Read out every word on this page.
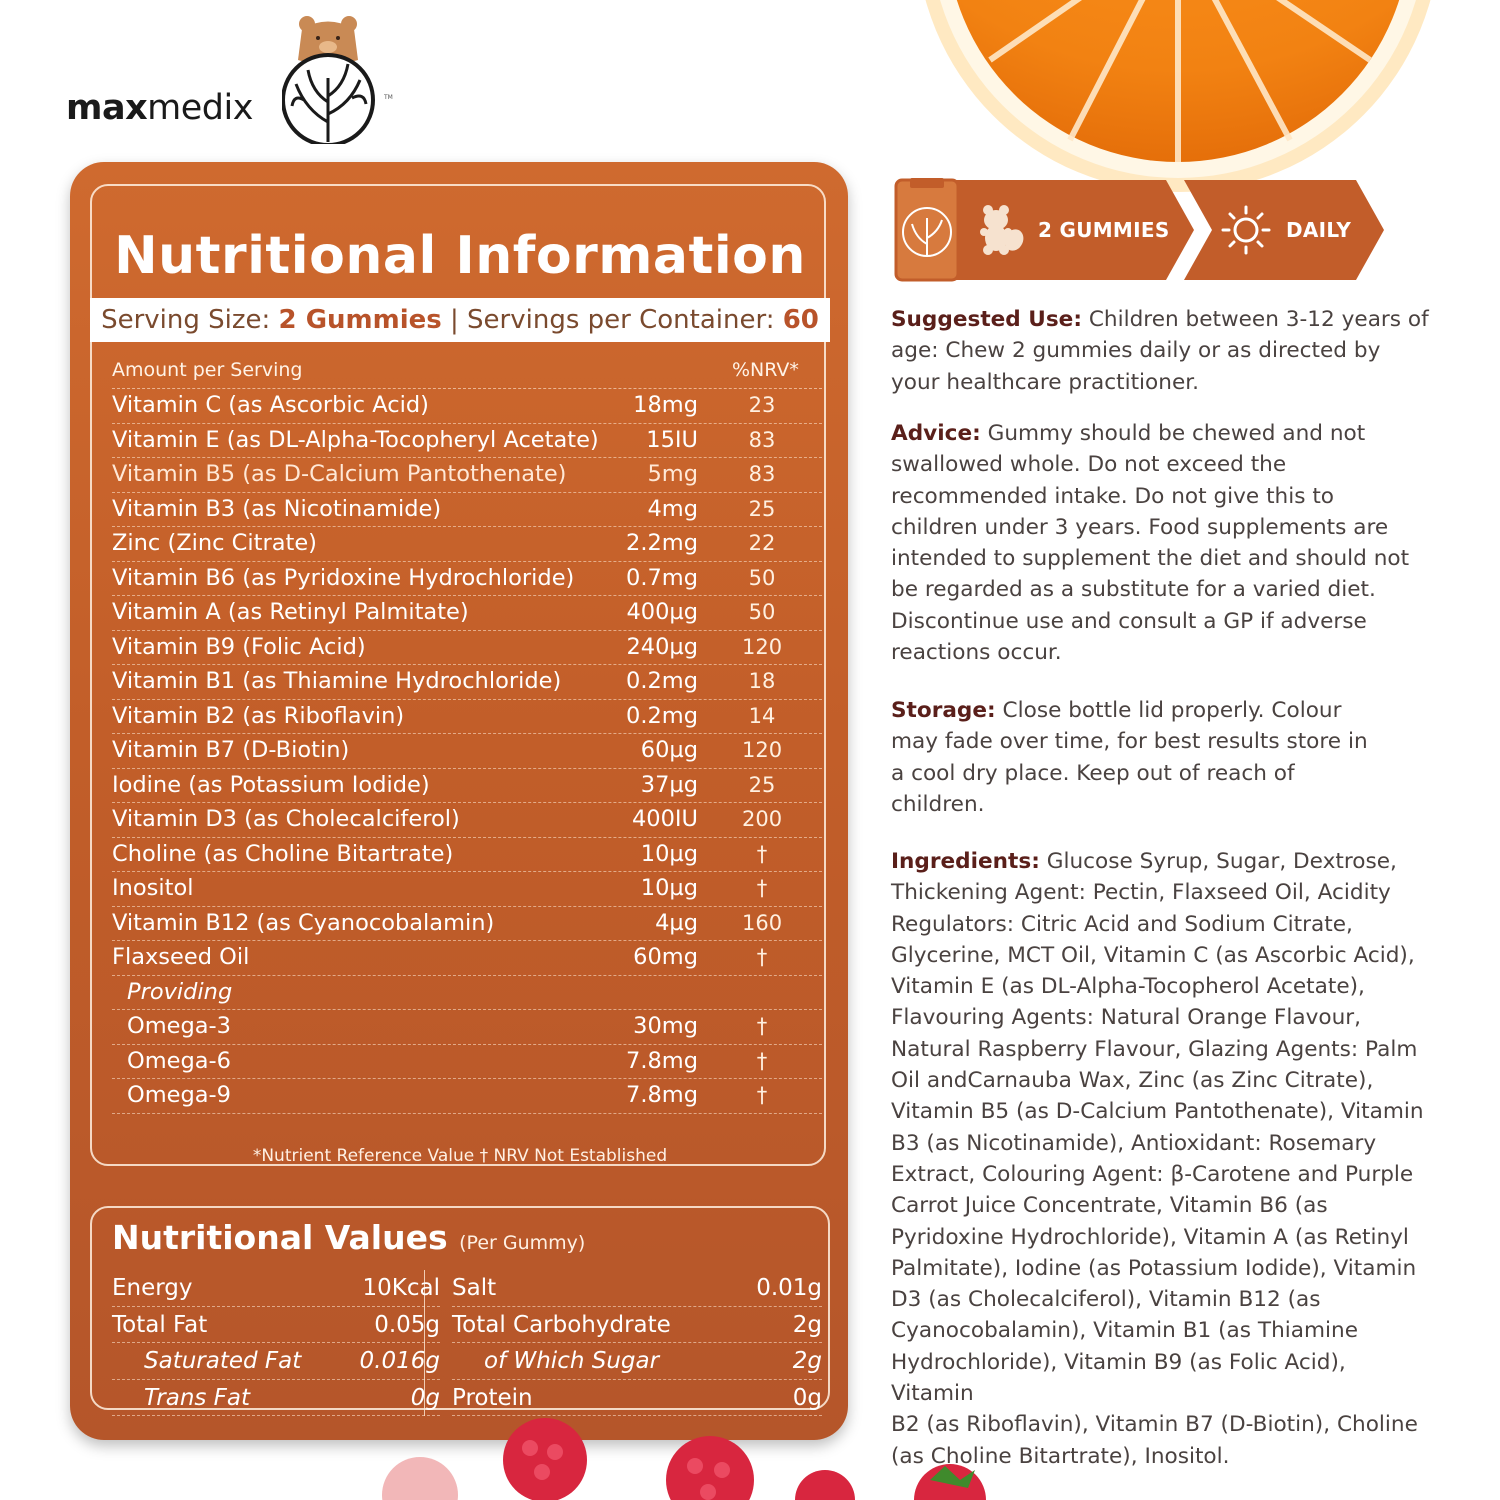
maxmedix	TM
Nutritional Information
Serving Size: 2 Gummies | Servings per Container: 60
Amount per Serving	%NRV*
Vitamin C (as Ascorbic Acid)	18mg	23
Vitamin E (as DL-Alpha-Tocopheryl Acetate) 15IU	83
Vitamin B5 (as D-Calcium Pantothenate)	5mg	83
Vitamin B3 (as Nicotinamide)	4mg	25
Zinc (Zinc Citrate)	2.2mg	22
Vitamin B6 (as Pyridoxine Hydrochloride) 0.7mg	50
Vitamin A (as Retinyl Palmitate)	400µg	50
Vitamin B9 (Folic Acid)	240µg 120
Vitamin B1 (as Thiamine Hydrochloride)	0.2mg	18
Vitamin B2 (as Riboflavin)	0.2mg	14
Vitamin B7 (D-Biotin)	60µg 120
Iodine (as Potassium Iodide)	37µg	25
Vitamin D3 (as Cholecalciferol)	400IU 200
Choline (as Choline Bitartrate)	10µg	†
Inositol	10µg	†
Vitamin B12 (as Cyanocobalamin)	4µg 160
Flaxseed Oil	60mg	†
Providing
Omega-3	30mg	†
Omega-6	7.8mg	†
Omega-9	7.8mg	†
*Nutrient Reference Value † NRV Not Established
Nutritional Values (Per Gummy)
Energy	10Kcal Salt	0.01g
Total Fat	0.05g Total Carbohydrate	2g
Saturated Fat	0.016g of Which Sugar	2g
Trans Fat	0g Protein	0g
2 GUMMIES	DAILY
Suggested Use: Children between 3-12 years of
age: Chew 2 gummies daily or as directed by
your healthcare practitioner.
Advice: Gummy should be chewed and not
swallowed whole. Do not exceed the
recommended intake. Do not give this to
children under 3 years. Food supplements are
intended to supplement the diet and should not
be regarded as a substitute for a varied diet.
Discontinue use and consult a GP if adverse
reactions occur.
Storage: Close bottle lid properly. Colour
may fade over time, for best results store in
a cool dry place. Keep out of reach of
children.
Ingredients: Glucose Syrup, Sugar, Dextrose,
Thickening Agent: Pectin, Flaxseed Oil, Acidity
Regulators: Citric Acid and Sodium Citrate,
Glycerine, MCT Oil, Vitamin C (as Ascorbic Acid),
Vitamin E (as DL-Alpha-Tocopherol Acetate),
Flavouring Agents: Natural Orange Flavour,
Natural Raspberry Flavour, Glazing Agents: Palm
Oil andCarnauba Wax, Zinc (as Zinc Citrate),
Vitamin B5 (as D-Calcium Pantothenate), Vitamin
B3 (as Nicotinamide), Antioxidant: Rosemary
Extract, Colouring Agent: β-Carotene and Purple
Carrot Juice Concentrate, Vitamin B6 (as
Pyridoxine Hydrochloride), Vitamin A (as Retinyl
Palmitate), Iodine (as Potassium Iodide), Vitamin
D3 (as Cholecalciferol), Vitamin B12 (as
Cyanocobalamin), Vitamin B1 (as Thiamine
Hydrochloride), Vitamin B9 (as Folic Acid), Vitamin
B2 (as Riboflavin), Vitamin B7 (D-Biotin), Choline
(as Choline Bitartrate), Inositol.
